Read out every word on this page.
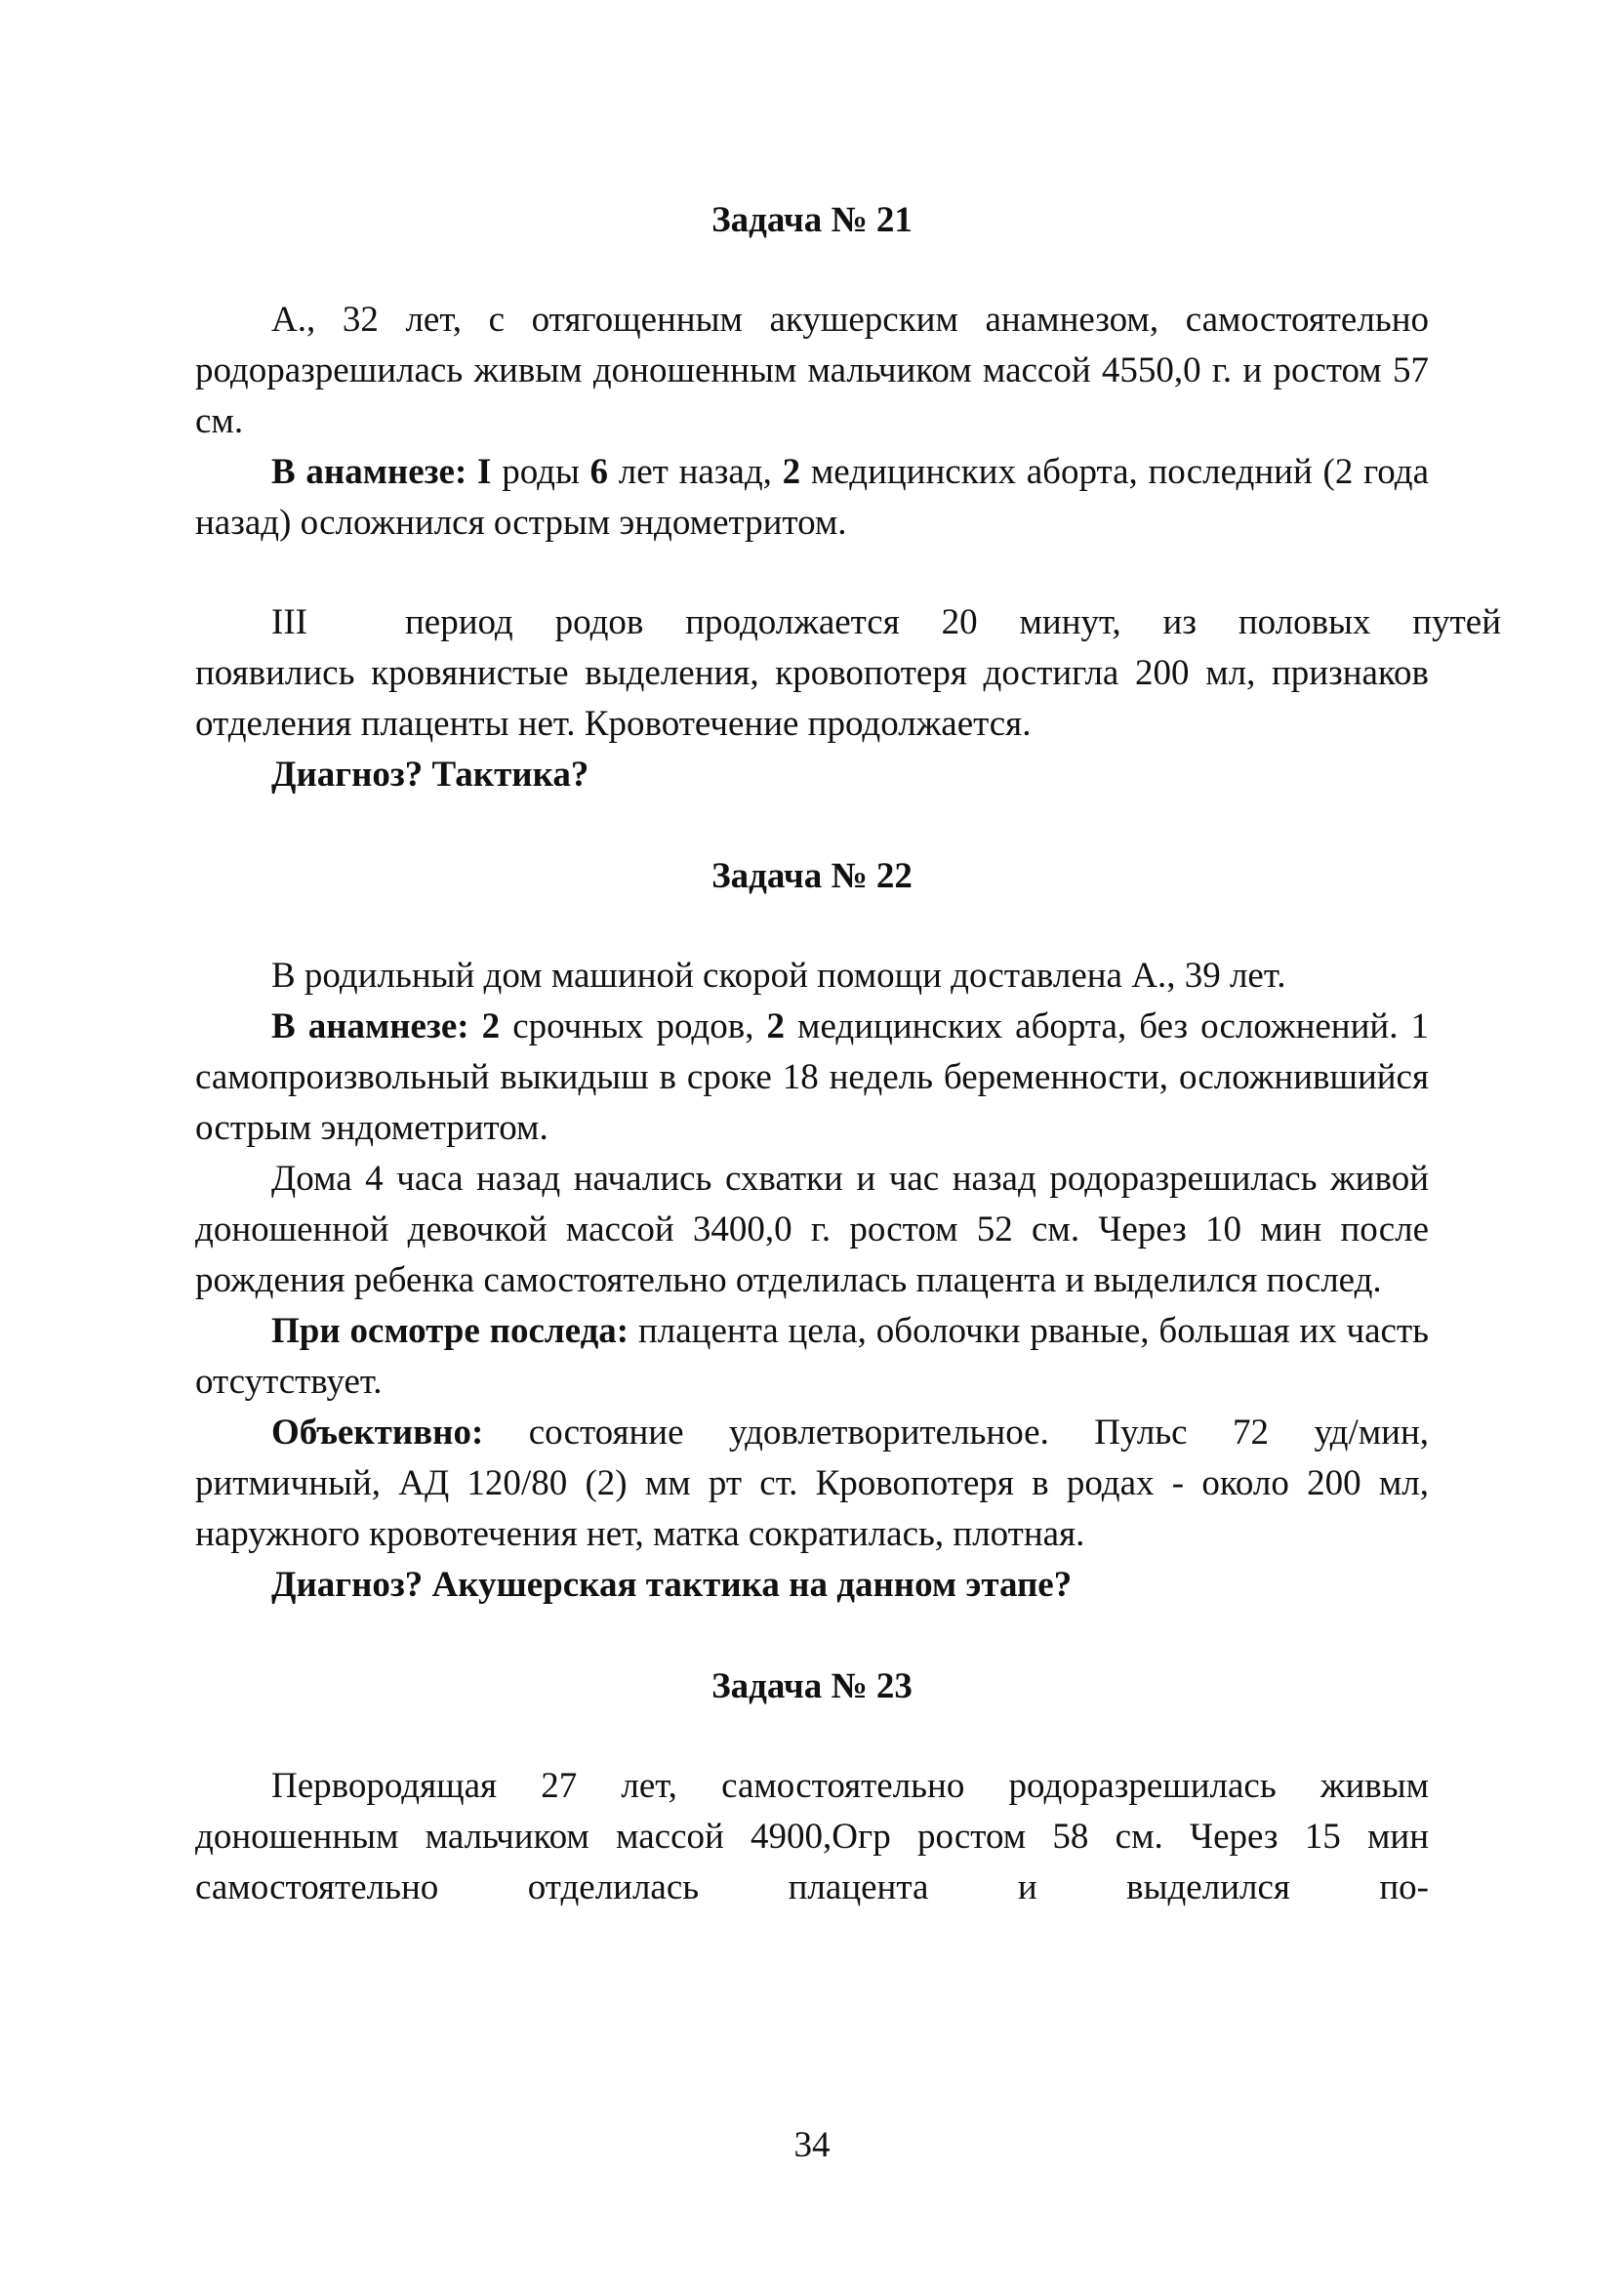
Задача № 21

А., 32 лет, с отягощенным акушерским анамнезом, самостоятельно родоразрешилась живым доношенным мальчиком массой 4550,0 г. и ростом 57 см.

В анамнезе: I роды 6 лет назад, 2 медицинских аборта, последний (2 года назад) осложнился острым эндометритом.

III	период родов продолжается 20 минут, из половых путей

появились кровянистые выделения, кровопотеря достигла 200 мл, признаков отделения плаценты нет. Кровотечение продолжается.

Диагноз? Тактика?

Задача № 22

В родильный дом машиной скорой помощи доставлена А., 39 лет.

В анамнезе: 2 срочных родов, 2 медицинских аборта, без осложнений. 1 самопроизвольный выкидыш в сроке 18 недель беременности, осложнившийся острым эндометритом.

Дома 4 часа назад начались схватки и час назад родоразрешилась живой доношенной девочкой массой 3400,0 г. ростом 52 см. Через 10 мин после рождения ребенка самостоятельно отделилась плацента и выделился послед.

При осмотре последа: плацента цела, оболочки рваные, большая их часть отсутствует.

Объективно: состояние удовлетворительное. Пульс 72 уд/мин, ритмичный, АД 120/80 (2) мм рт ст. Кровопотеря в родах - около 200 мл, наружного кровотечения нет, матка сократилась, плотная.

Диагноз? Акушерская тактика на данном этапе?

Задача № 23

Первородящая 27 лет, самостоятельно родоразрешилась живым доношенным мальчиком массой 4900,Огр ростом 58 см. Через 15 мин самостоятельно отделилась плацента и выделился по-

34
